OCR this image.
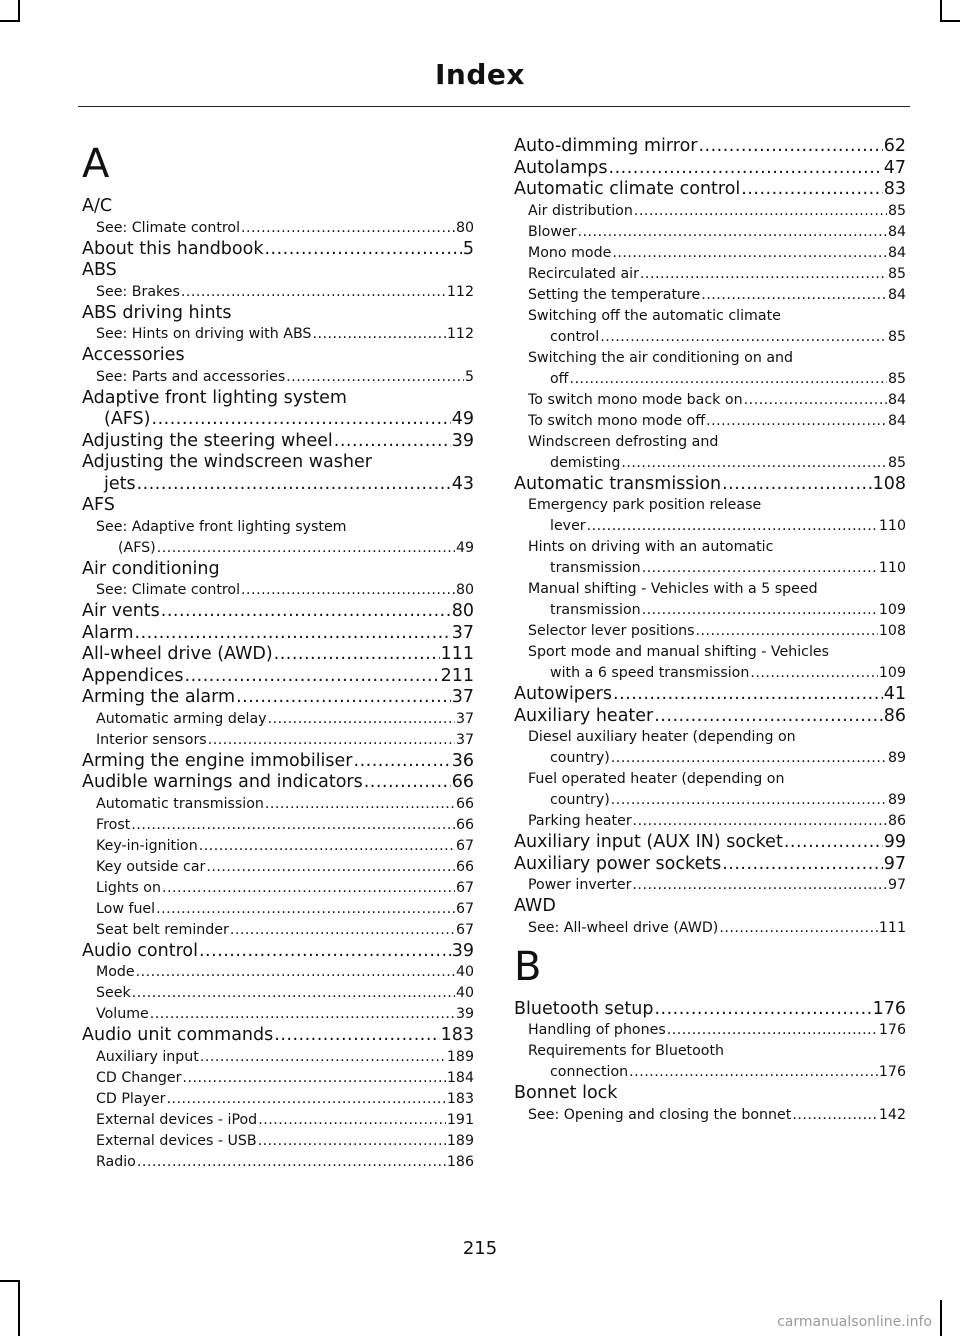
Index
A
A/C
See: Climate control .....	80
About this handbook .....	5
ABS
See: Brakes .....	112
ABS driving hints
See: Hints on driving with ABS .....	112
Accessories
See: Parts and accessories .....	5
Adaptive front lighting system
(AFS) .....	49
Adjusting the steering wheel .....	39
Adjusting the windscreen washer
jets .....	43
AFS
See: Adaptive front lighting system
(AFS) .....	49
Air conditioning
See: Climate control .....	80
Air vents .....	80
Alarm .....	37
All-wheel drive (AWD) .....	111
Appendices .....	211
Arming the alarm .....	37
Automatic arming delay .....	37
Interior sensors .....	37
Arming the engine immobiliser .....	36
Audible warnings and indicators .....	66
Automatic transmission .....	66
Frost .....	66
Key-in-ignition .....	67
Key outside car .....	66
Lights on .....	67
Low fuel .....	67
Seat belt reminder .....	67
Audio control .....	39
Mode .....	40
Seek .....	40
Volume .....	39
Audio unit commands .....	183
Auxiliary input .....	189
CD Changer .....	184
CD Player .....	183
External devices - iPod .....	191
External devices - USB .....	189
Radio .....	186
Auto-dimming mirror .....	62
Autolamps .....	47
Automatic climate control .....	83
Air distribution .....	85
Blower .....	84
Mono mode .....	84
Recirculated air .....	85
Setting the temperature .....	84
Switching off the automatic climate
control .....	85
Switching the air conditioning on and
off .....	85
To switch mono mode back on .....	84
To switch mono mode off .....	84
Windscreen defrosting and
demisting .....	85
Automatic transmission .....	108
Emergency park position release
lever .....	110
Hints on driving with an automatic
transmission .....	110
Manual shifting - Vehicles with a 5 speed
transmission .....	109
Selector lever positions .....	108
Sport mode and manual shifting - Vehicles
with a 6 speed transmission .....	109
Autowipers .....	41
Auxiliary heater .....	86
Diesel auxiliary heater (depending on
country) .....	89
Fuel operated heater (depending on
country) .....	89
Parking heater .....	86
Auxiliary input (AUX IN) socket .....	99
Auxiliary power sockets .....	97
Power inverter .....	97
AWD
See: All-wheel drive (AWD) .....	111
B
Bluetooth setup .....	176
Handling of phones .....	176
Requirements for Bluetooth
connection .....	176
Bonnet lock
See: Opening and closing the bonnet .....	142
215
carmanualsonline.info
